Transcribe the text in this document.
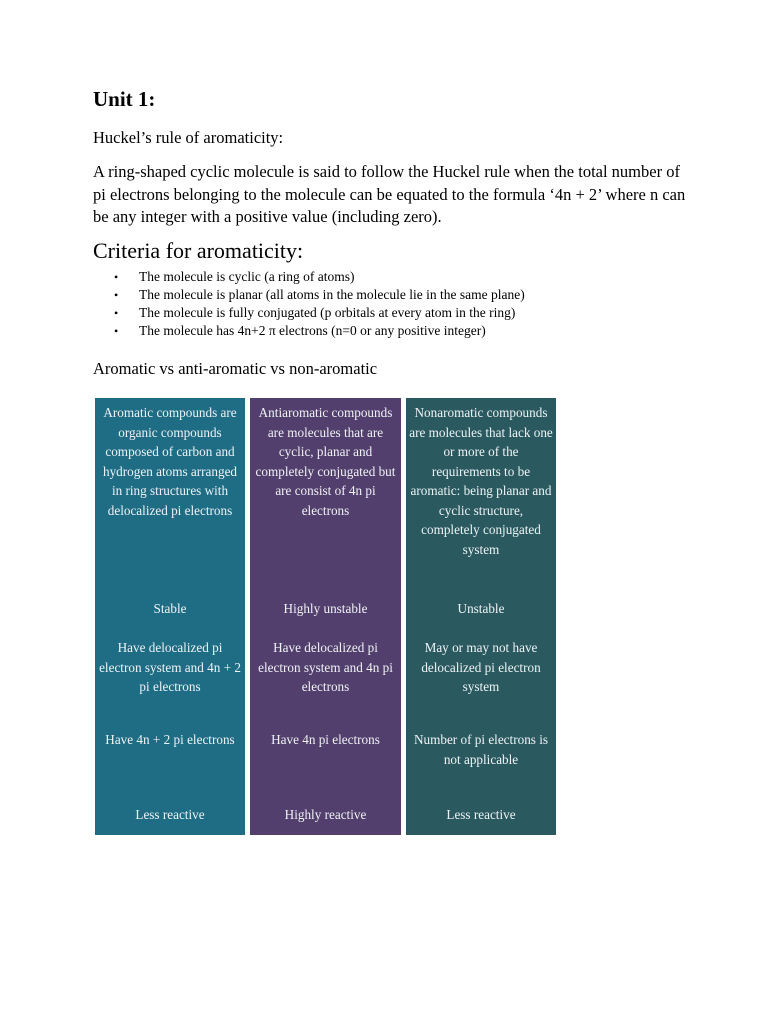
Unit 1:

Huckel’s rule of aromaticity:

A ring-shaped cyclic molecule is said to follow the Huckel rule when the total number of pi electrons belonging to the molecule can be equated to the formula ‘4n + 2’ where n can be any integer with a positive value (including zero).

Criteria for aromaticity:
• The molecule is cyclic (a ring of atoms)
• The molecule is planar (all atoms in the molecule lie in the same plane)
• The molecule is fully conjugated (p orbitals at every atom in the ring)
• The molecule has 4n+2 π electrons (n=0 or any positive integer)

Aromatic vs anti-aromatic vs non-aromatic

Aromatic compounds are organic compounds composed of carbon and hydrogen atoms arranged in ring structures with delocalized pi electrons

Stable

Have delocalized pi electron system and 4n + 2 pi electrons

Have 4n + 2 pi electrons

Less reactive

Antiaromatic compounds are molecules that are cyclic, planar and completely conjugated but are consist of 4n pi electrons

Highly unstable

Have delocalized pi electron system and 4n pi electrons

Have 4n pi electrons

Highly reactive

Nonaromatic compounds are molecules that lack one or more of the requirements to be aromatic: being planar and cyclic structure, completely conjugated system

Unstable

May or may not have delocalized pi electron system

Number of pi electrons is not applicable

Less reactive
